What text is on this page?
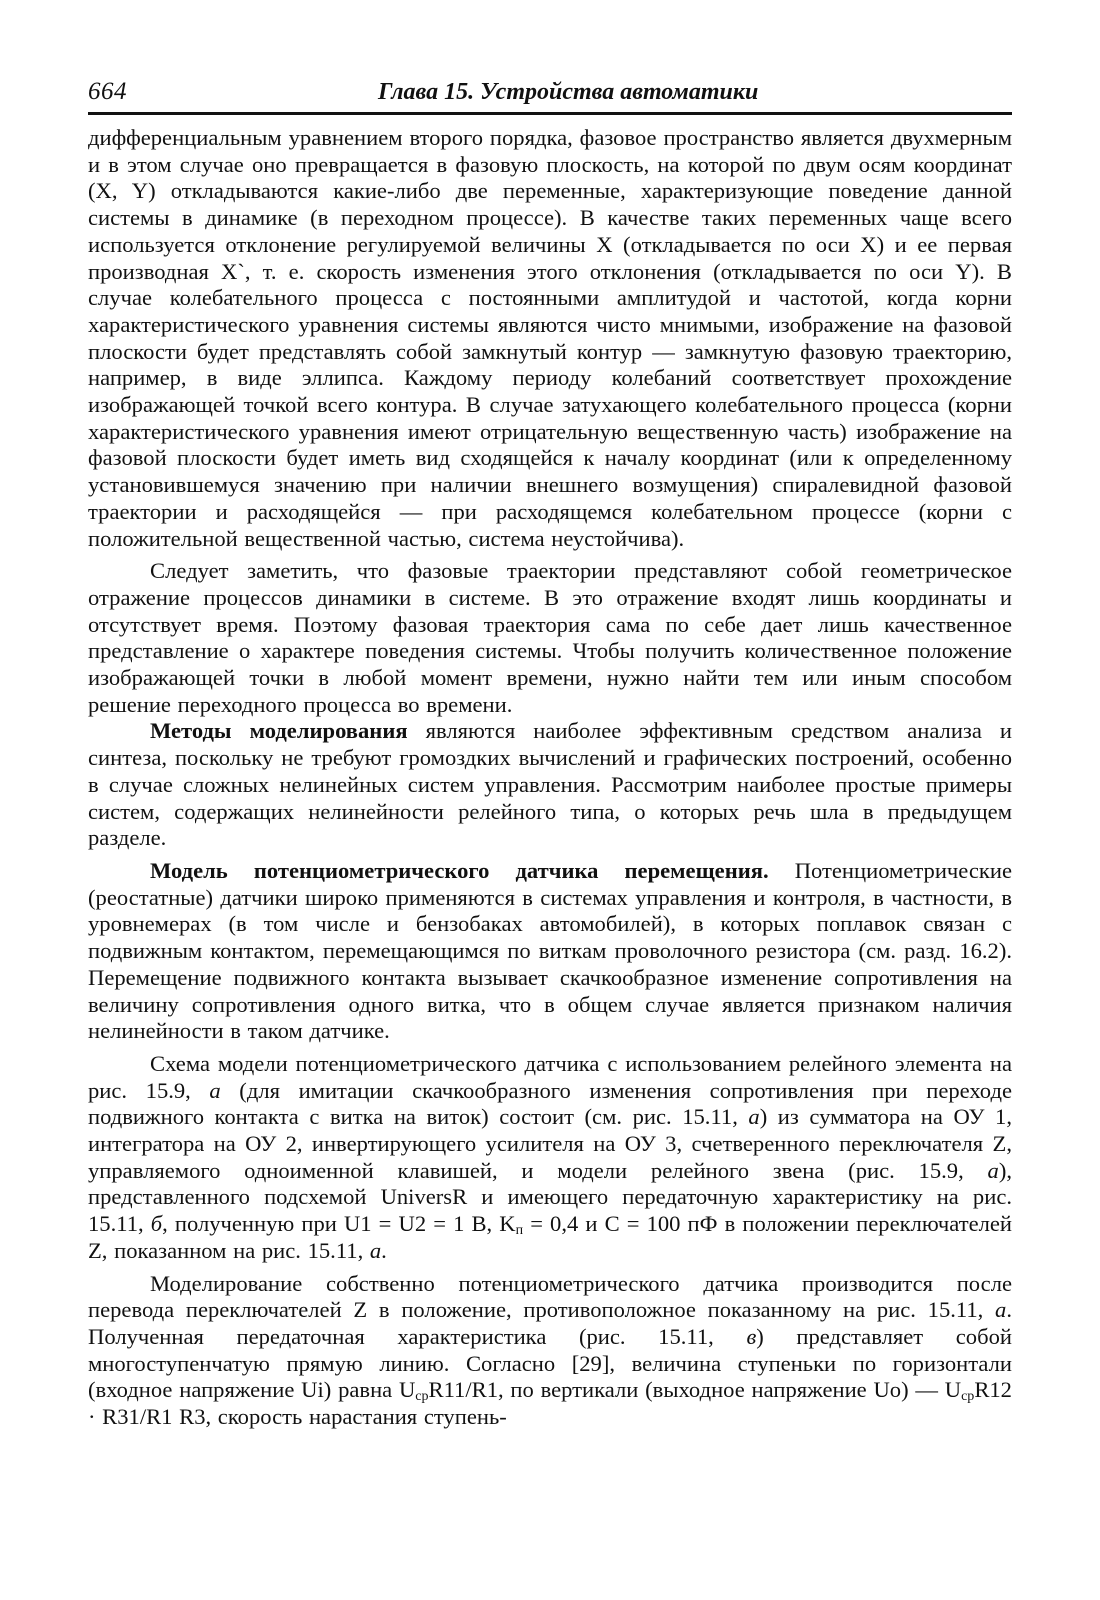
664	Глава 15. Устройства автоматики

дифференциальным уравнением второго порядка, фазовое пространство является двухмерным и в этом случае оно превращается в фазовую плоскость, на которой по двум осям координат (X, Y) откладываются какие-либо две переменные, характеризующие поведение данной системы в динамике (в переходном процессе). В качестве таких переменных чаще всего используется отклонение регулируемой величины X (откладывается по оси X) и ее первая производная X`, т. е. скорость изменения этого отклонения (откладывается по оси Y). В случае колебательного процесса с постоянными амплитудой и частотой, когда корни характеристического уравнения системы являются чисто мнимыми, изображение на фазовой плоскости будет представлять собой замкнутый контур — замкнутую фазовую траекторию, например, в виде эллипса. Каждому периоду колебаний соответствует прохождение изображающей точкой всего контура. В случае затухающего колебательного процесса (корни характеристического уравнения имеют отрицательную вещественную часть) изображение на фазовой плоскости будет иметь вид сходящейся к началу координат (или к определенному установившемуся значению при наличии внешнего возмущения) спиралевидной фазовой траектории и расходящейся — при расходящемся колебательном процессе (корни с положительной вещественной частью, система неустойчива).

Следует заметить, что фазовые траектории представляют собой геометрическое отражение процессов динамики в системе. В это отражение входят лишь координаты и отсутствует время. Поэтому фазовая траектория сама по себе дает лишь качественное представление о характере поведения системы. Чтобы получить количественное положение изображающей точки в любой момент времени, нужно найти тем или иным способом решение переходного процесса во времени.

Методы моделирования являются наиболее эффективным средством анализа и синтеза, поскольку не требуют громоздких вычислений и графических построений, особенно в случае сложных нелинейных систем управления. Рассмотрим наиболее простые примеры систем, содержащих нелинейности релейного типа, о которых речь шла в предыдущем разделе.

Модель потенциометрического датчика перемещения. Потенциометрические (реостатные) датчики широко применяются в системах управления и контроля, в частности, в уровнемерах (в том числе и бензобаках автомобилей), в которых поплавок связан с подвижным контактом, перемещающимся по виткам проволочного резистора (см. разд. 16.2). Перемещение подвижного контакта вызывает скачкообразное изменение сопротивления на величину сопротивления одного витка, что в общем случае является признаком наличия нелинейности в таком датчике.

Схема модели потенциометрического датчика с использованием релейного элемента на рис. 15.9, а (для имитации скачкообразного изменения сопротивления при переходе подвижного контакта с витка на виток) состоит (см. рис. 15.11, а) из сумматора на ОУ 1, интегратора на ОУ 2, инвертирующего усилителя на ОУ 3, счетверенного переключателя Z, управляемого одноименной клавишей, и модели релейного звена (рис. 15.9, а), представленного подсхемой UniversR и имеющего передаточную характеристику на рис. 15.11, б, полученную при U1 = U2 = 1 В, $K_п = 0,4$ и C = 100 пФ в положении переключателей Z, показанном на рис. 15.11, а.

Моделирование собственно потенциометрического датчика производится после перевода переключателей Z в положение, противоположное показанному на рис. 15.11, а. Полученная передаточная характеристика (рис. 15.11, в) представляет собой многоступенчатую прямую линию. Согласно [29], величина ступеньки по горизонтали (входное напряжение Ui) равна $U_{ср}R11/R1$, по вертикали (выходное напряжение Uo) — $U_{ср}R12 \cdot R31/R1$ R3, скорость нарастания ступень-
